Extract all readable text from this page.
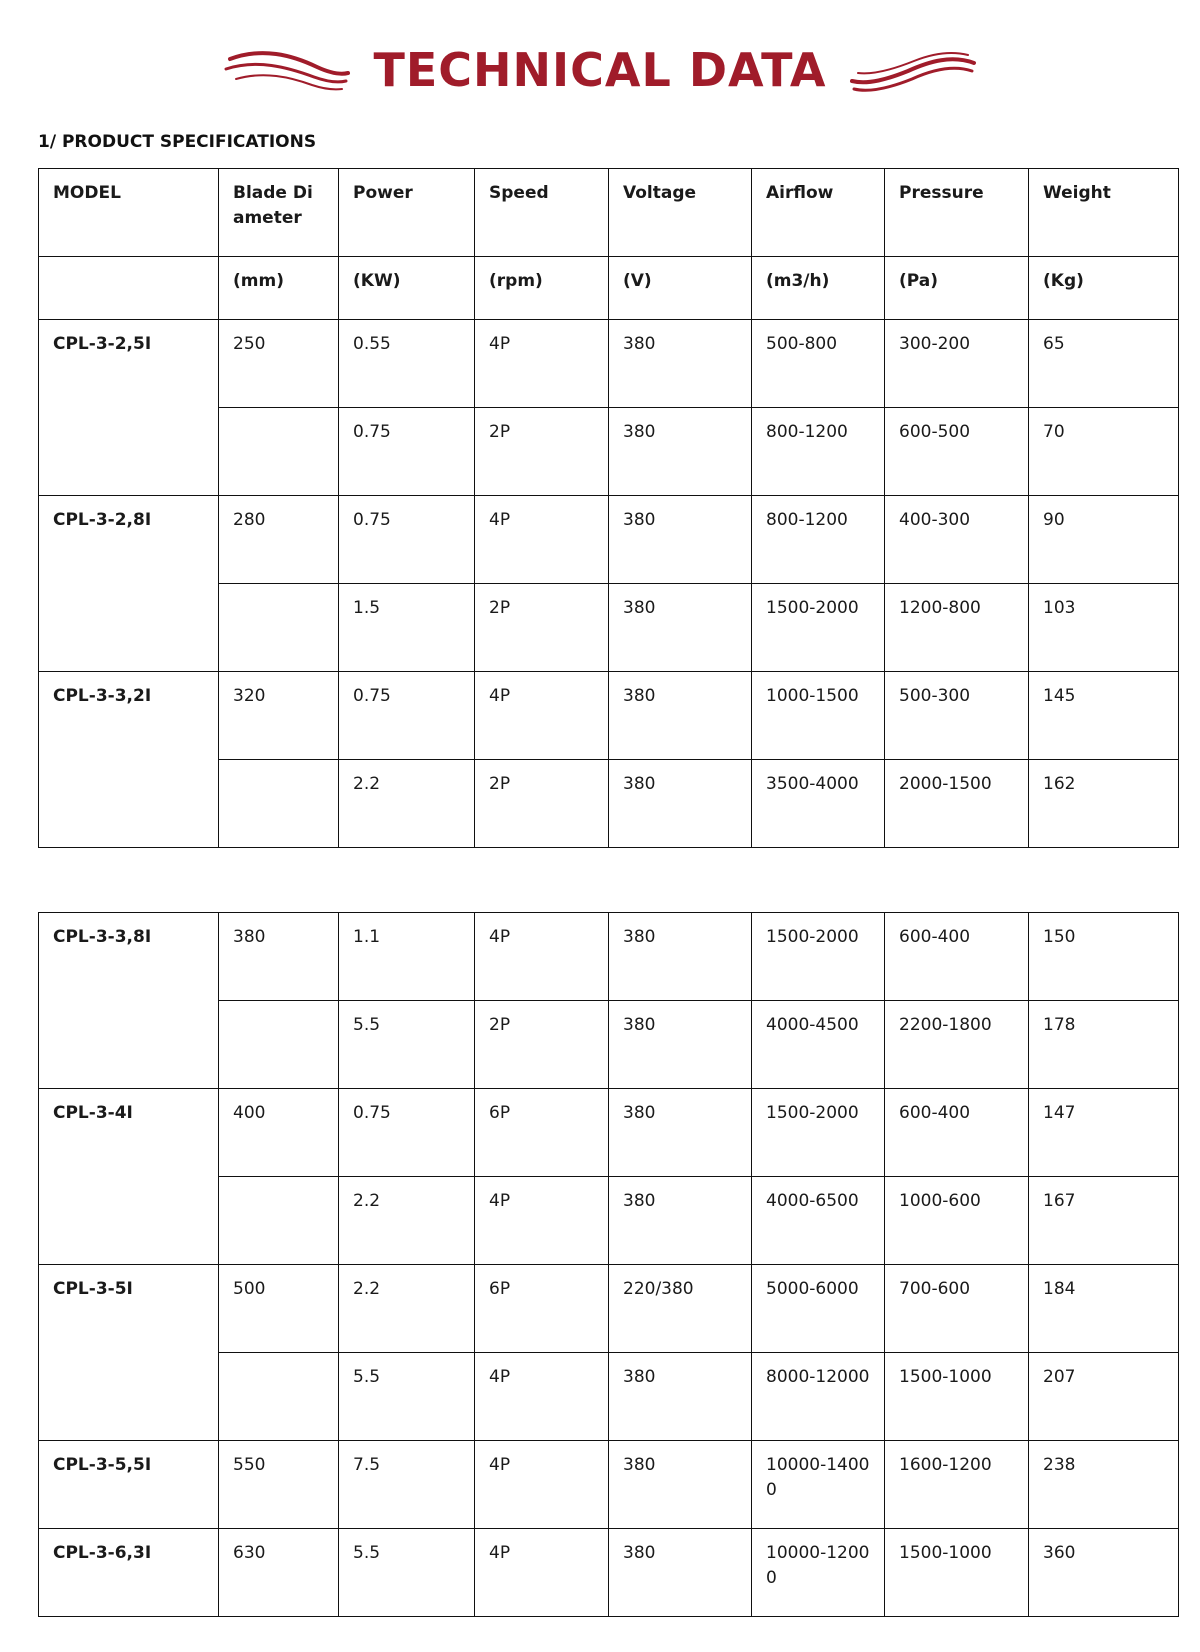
TECHNICAL DATA
1/ PRODUCT SPECIFICATIONS
MODEL	Blade Diameter	Power	Speed	Voltage	Airflow	Pressure	Weight
	(mm)	(KW)	(rpm)	(V)	(m3/h)	(Pa)	(Kg)
CPL-3-2,5I	250	0.55	4P	380	500-800	300-200	65
		0.75	2P	380	800-1200	600-500	70
CPL-3-2,8I	280	0.75	4P	380	800-1200	400-300	90
		1.5	2P	380	1500-2000	1200-800	103
CPL-3-3,2I	320	0.75	4P	380	1000-1500	500-300	145
		2.2	2P	380	3500-4000	2000-1500	162
CPL-3-3,8I	380	1.1	4P	380	1500-2000	600-400	150
		5.5	2P	380	4000-4500	2200-1800	178
CPL-3-4I	400	0.75	6P	380	1500-2000	600-400	147
		2.2	4P	380	4000-6500	1000-600	167
CPL-3-5I	500	2.2	6P	220/380	5000-6000	700-600	184
		5.5	4P	380	8000-12000	1500-1000	207
CPL-3-5,5I	550	7.5	4P	380	10000-14000	1600-1200	238
CPL-3-6,3I	630	5.5	4P	380	10000-12000	1500-1000	360
